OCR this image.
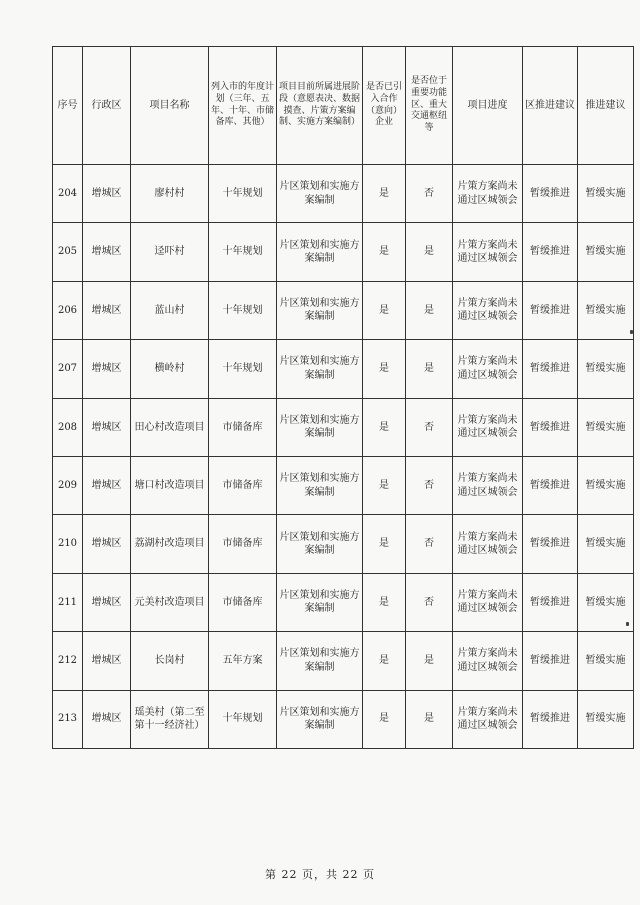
序号	行政区	项目名称	列入市的年度计划（三年、五年、十年、市储备库、其他）	项目目前所属进展阶段（意愿表决、数据摸查、片策方案编制、实施方案编制）	是否已引入合作（意向）企业	是否位于重要功能区、重大交通枢纽等	项目进度	区推进建议	推进建议
204	增城区	廖村村	十年规划	片区策划和实施方案编制	是	否	片策方案尚未通过区城领会	暂缓推进	暂缓实施
205	增城区	迳吓村	十年规划	片区策划和实施方案编制	是	是	片策方案尚未通过区城领会	暂缓推进	暂缓实施
206	增城区	蓝山村	十年规划	片区策划和实施方案编制	是	是	片策方案尚未通过区城领会	暂缓推进	暂缓实施
207	增城区	横岭村	十年规划	片区策划和实施方案编制	是	是	片策方案尚未通过区城领会	暂缓推进	暂缓实施
208	增城区	田心村改造项目	市储备库	片区策划和实施方案编制	是	否	片策方案尚未通过区城领会	暂缓推进	暂缓实施
209	增城区	塘口村改造项目	市储备库	片区策划和实施方案编制	是	否	片策方案尚未通过区城领会	暂缓推进	暂缓实施
210	增城区	荔湖村改造项目	市储备库	片区策划和实施方案编制	是	否	片策方案尚未通过区城领会	暂缓推进	暂缓实施
211	增城区	元美村改造项目	市储备库	片区策划和实施方案编制	是	否	片策方案尚未通过区城领会	暂缓推进	暂缓实施
212	增城区	长岗村	五年方案	片区策划和实施方案编制	是	是	片策方案尚未通过区城领会	暂缓推进	暂缓实施
213	增城区	瑶美村（第二至第十一经济社）	十年规划	片区策划和实施方案编制	是	是	片策方案尚未通过区城领会	暂缓推进	暂缓实施
第 22 页，共 22 页
